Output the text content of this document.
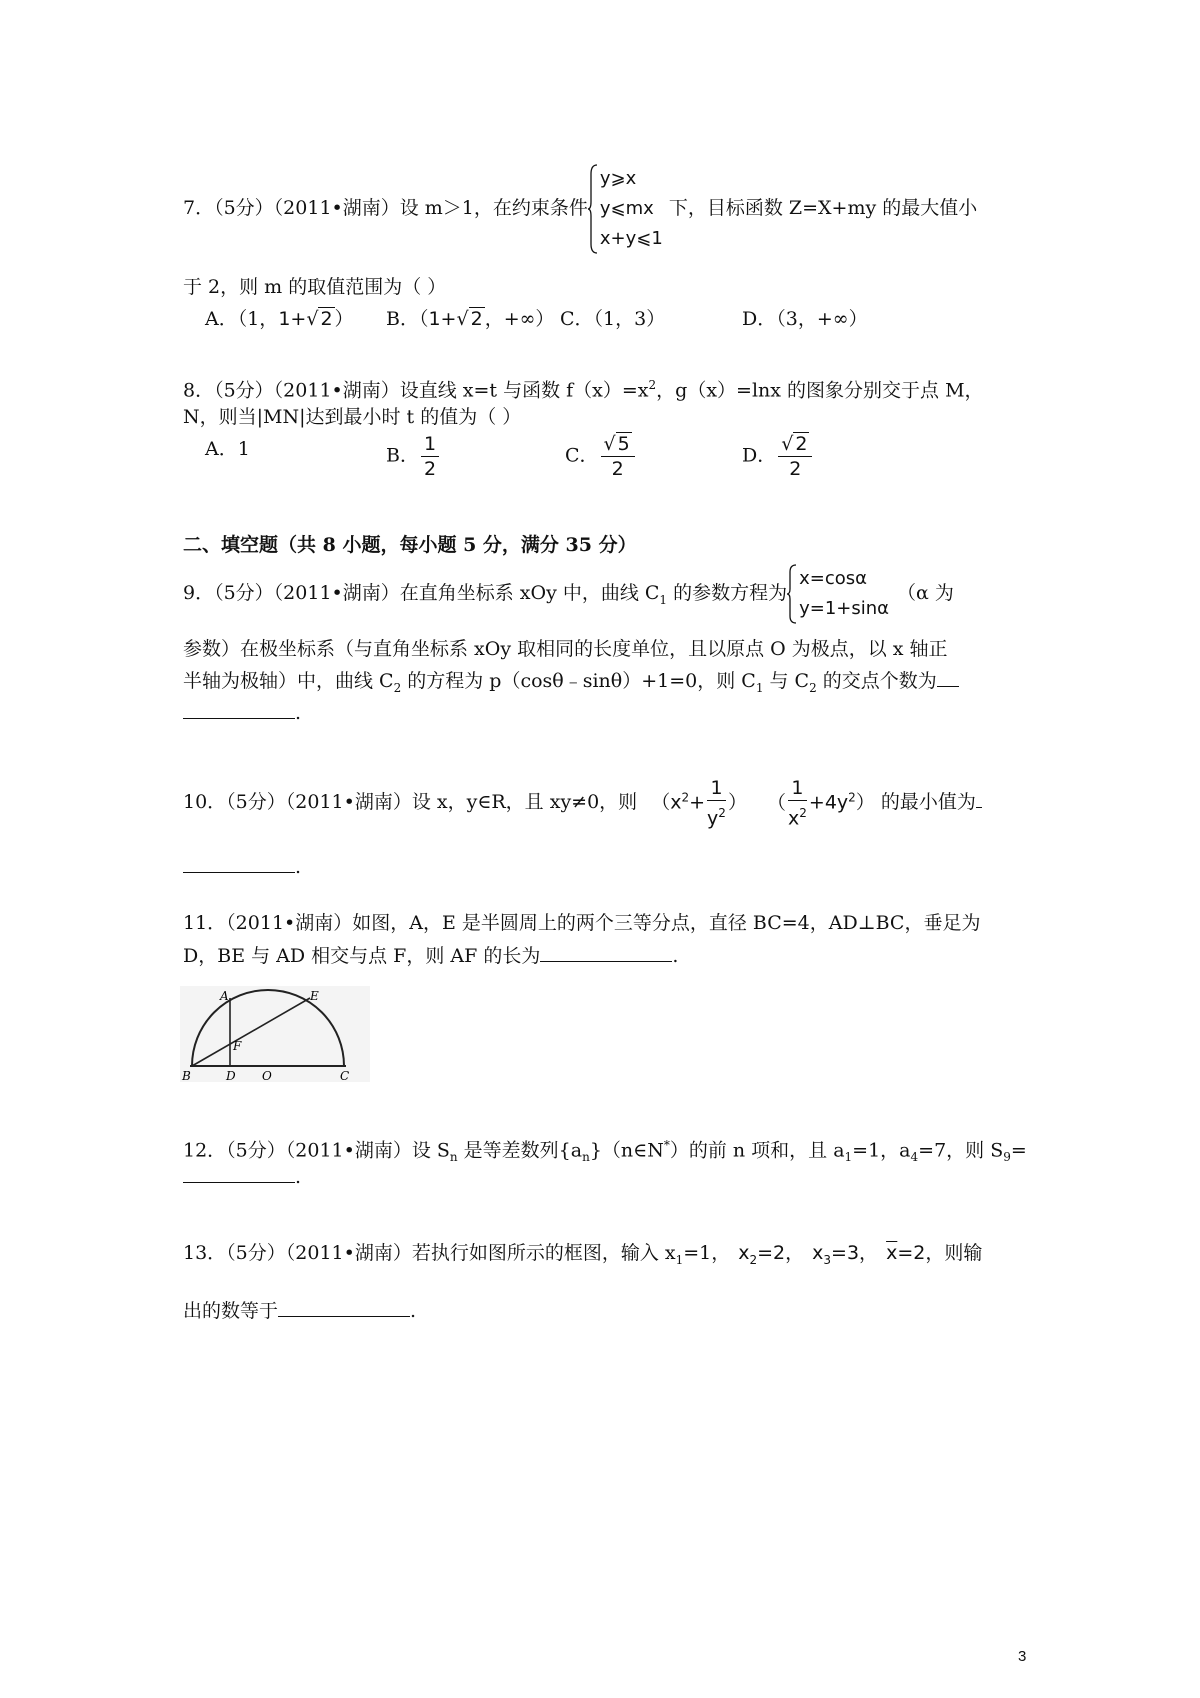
7．（5分）（2011•湖南）设 m＞1，在约束条件
y⩾x
y⩽mx
x+y⩽1
下，目标函数 Z=X+my 的最大值小
于 2，则 m 的取值范围为（ ）
A．（1，1+√ 2 ） B．（1+√ 2 ，+∞） C．（1，3）	D．（3，+∞）
8．（5分）（2011•湖南）设直线 x=t 与函数 $f(x)=x^2$，g（x）=lnx 的图象分别交于点 M，
N，则当|MN|达到最小时 t 的值为（ ）
A．1	B． $\frac{1}{2}$	C． $\frac{√ 5}{2}$	D． $\frac{√ 2}{2}$
二、填空题（共 8 小题，每小题 5 分，满分 35 分）
9．（5分）（2011•湖南）在直角坐标系 xOy 中，曲线 $C_1$ 的参数方程为
x=cosα
y=1+sinα
（α 为
参数）在极坐标系（与直角坐标系 xOy 取相同的长度单位，且以原点 O 为极点，以 x 轴正
半轴为极轴）中，曲线 $C_2$ 的方程为 p（cosθ﹣sinθ）+1=0，则 $C_1$ 与 $C_2$ 的交点个数为
.
10．（5分）（2011•湖南）设 x，y∈R，且 xy≠0，则 （$x^2+ \frac{1}{y^2}$ ） （ $\frac{1}{x^2} +4y^2$） 的最小值为
.
11．（2011•湖南）如图，A，E 是半圆周上的两个三等分点，直径 BC=4，AD⊥BC，垂足为
D，BE 与 AD 相交与点 F，则 AF 的长为	.
A	E
F
B	D O	C
12．（5分）（2011•湖南）设 $S_n$ 是等差数列$\{a_n\}(n\in N^*)$的前 n 项和，且 $a_1=1$，$a_4=7$，则 $S_9=$
.
13．（5分）（2011•湖南）若执行如图所示的框图，输入 $x_1=1$， $x_2=2$， $x_3=3$， $\overline{x}=2$，则输
出的数等于	.
3
